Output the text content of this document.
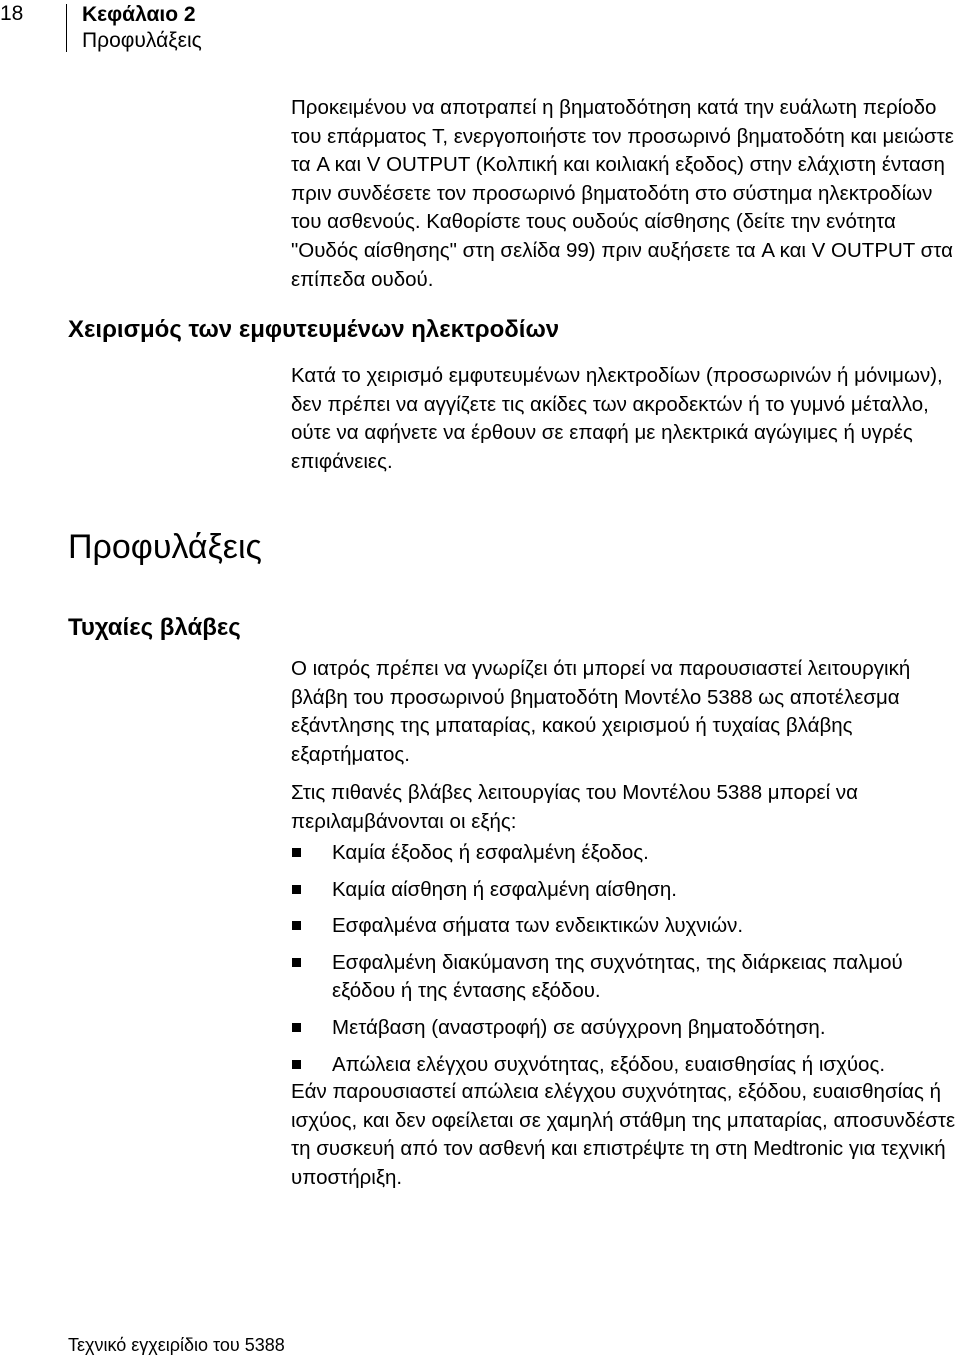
18	Κεφάλαιο 2
Προφυλάξεις

Προκειμένου να αποτραπεί η βηματοδότηση κατά την ευάλωτη περίοδο του επάρματος T, ενεργοποιήστε τον προσωρινό βηματοδότη και μειώστε τα A και V OUTPUT (Κολπική και κοιλιακή εξοδος) στην ελάχιστη ένταση πριν συνδέσετε τον προσωρινό βηματοδότη στο σύστημα ηλεκτροδίων του ασθενούς. Καθορίστε τους ουδούς αίσθησης (δείτε την ενότητα "Ουδός αίσθησης" στη σελίδα 99) πριν αυξήσετε τα A και V OUTPUT στα επίπεδα ουδού.

Χειρισμός των εμφυτευμένων ηλεκτροδίων

Κατά το χειρισμό εμφυτευμένων ηλεκτροδίων (προσωρινών ή μόνιμων), δεν πρέπει να αγγίζετε τις ακίδες των ακροδεκτών ή το γυμνό μέταλλο, ούτε να αφήνετε να έρθουν σε επαφή με ηλεκτρικά αγώγιμες ή υγρές επιφάνειες.

Προφυλάξεις
Τυχαίες βλάβες

Ο ιατρός πρέπει να γνωρίζει ότι μπορεί να παρουσιαστεί λειτουργική βλάβη του προσωρινού βηματοδότη Μοντέλο 5388 ως αποτέλεσμα εξάντλησης της μπαταρίας, κακού χειρισμού ή τυχαίας βλάβης εξαρτήματος.

Στις πιθανές βλάβες λειτουργίας του Μοντέλου 5388 μπορεί να περιλαμβάνονται οι εξής:

Καμία έξοδος ή εσφαλμένη έξοδος.
Καμία αίσθηση ή εσφαλμένη αίσθηση.
Εσφαλμένα σήματα των ενδεικτικών λυχνιών.
Εσφαλμένη διακύμανση της συχνότητας, της διάρκειας παλμού εξόδου ή της έντασης εξόδου.
Μετάβαση (αναστροφή) σε ασύγχρονη βηματοδότηση.
Απώλεια ελέγχου συχνότητας, εξόδου, ευαισθησίας ή ισχύος.

Εάν παρουσιαστεί απώλεια ελέγχου συχνότητας, εξόδου, ευαισθησίας ή ισχύος, και δεν οφείλεται σε χαμηλή στάθμη της μπαταρίας, αποσυνδέστε τη συσκευή από τον ασθενή και επιστρέψτε τη στη Medtronic για τεχνική υποστήριξη.

Τεχνικό εγχειρίδιο του 5388
